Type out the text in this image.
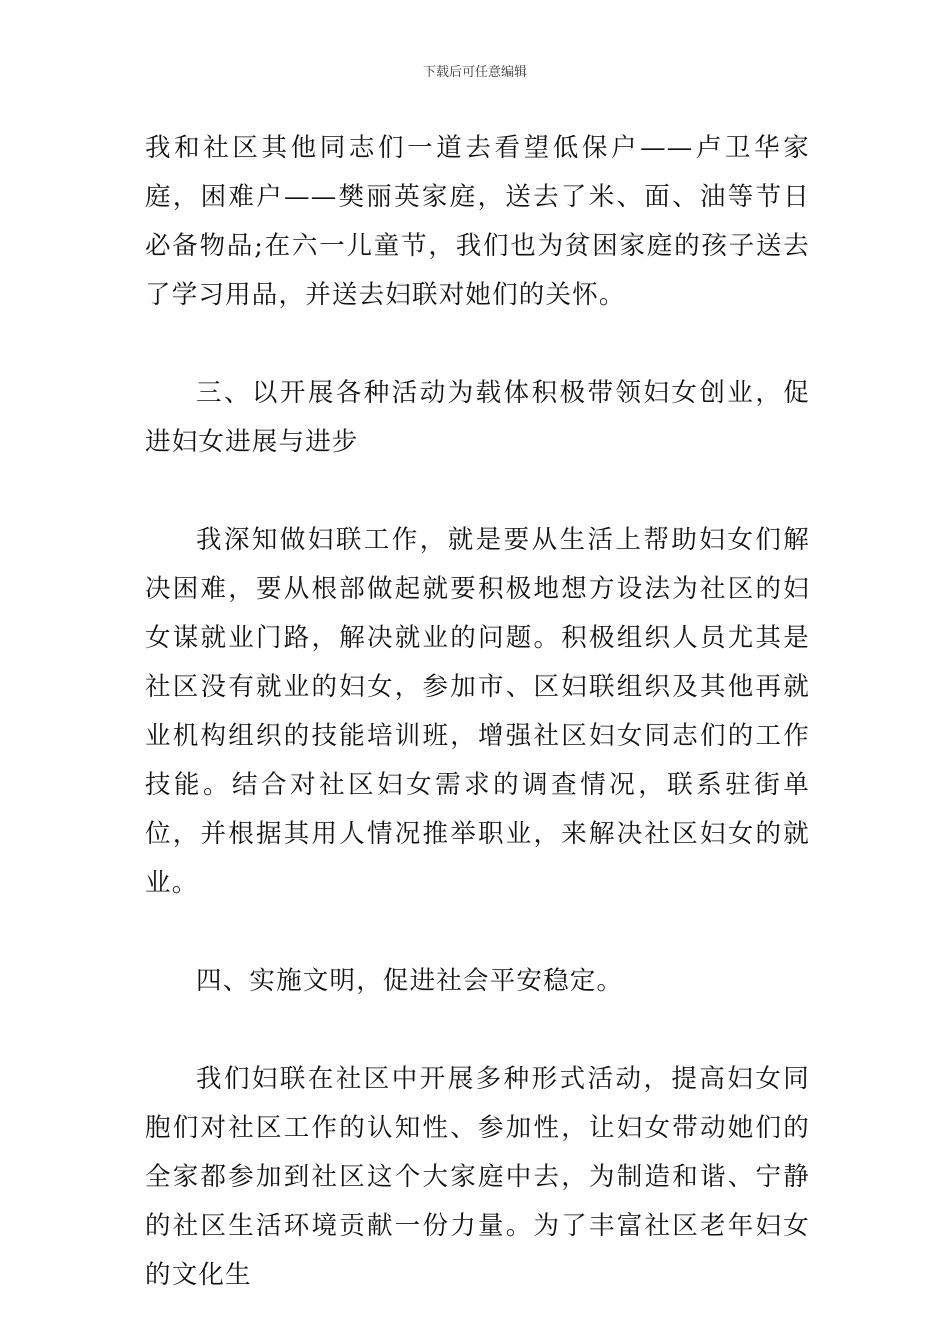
下载后可任意编辑

我和社区其他同志们一道去看望低保户——卢卫华家庭，困难户——樊丽英家庭，送去了米、面、油等节日必备物品;在六一儿童节，我们也为贫困家庭的孩子送去了学习用品，并送去妇联对她们的关怀。

三、以开展各种活动为载体积极带领妇女创业，促进妇女进展与进步

我深知做妇联工作，就是要从生活上帮助妇女们解决困难，要从根部做起就要积极地想方设法为社区的妇女谋就业门路，解决就业的问题。积极组织人员尤其是社区没有就业的妇女，参加市、区妇联组织及其他再就业机构组织的技能培训班，增强社区妇女同志们的工作技能。结合对社区妇女需求的调查情况，联系驻街单位，并根据其用人情况推举职业，来解决社区妇女的就业。

四、实施文明，促进社会平安稳定。

我们妇联在社区中开展多种形式活动，提高妇女同胞们对社区工作的认知性、参加性，让妇女带动她们的全家都参加到社区这个大家庭中去，为制造和谐、宁静的社区生活环境贡献一份力量。为了丰富社区老年妇女的文化生
